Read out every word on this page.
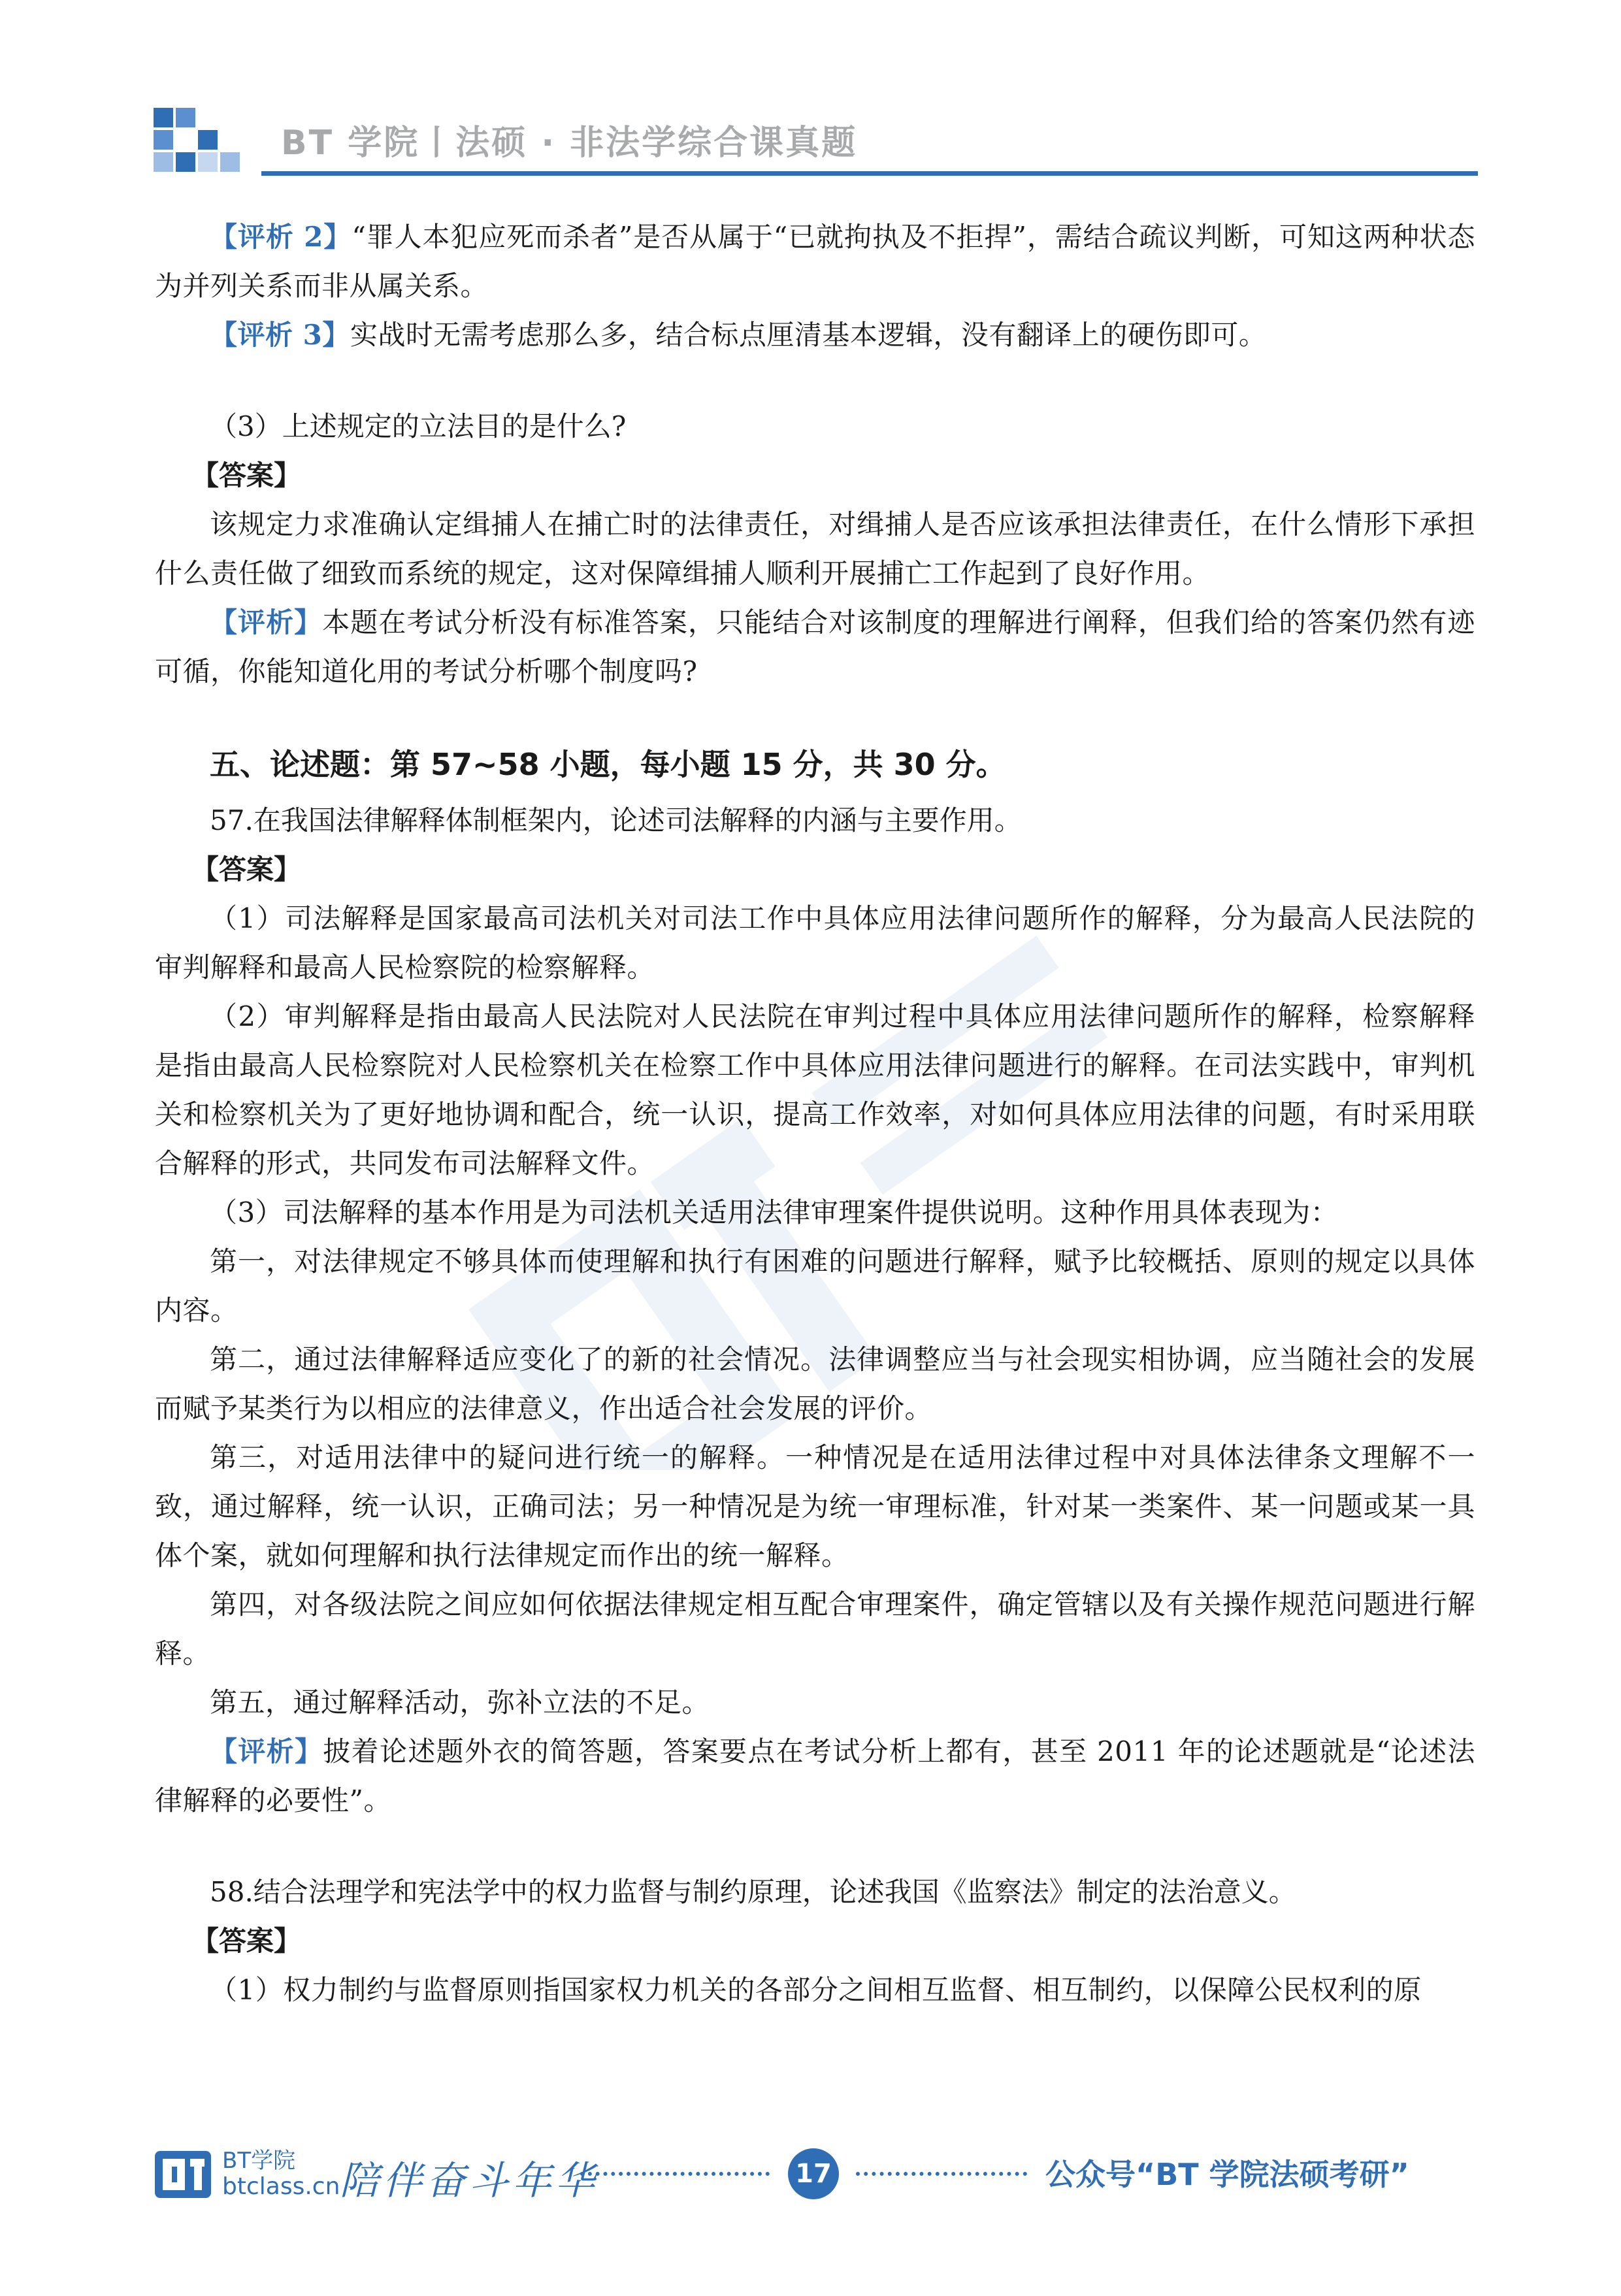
BT 学院丨法硕 · 非法学综合课真题

【评析 2】“罪人本犯应死而杀者”是否从属于“已就拘执及不拒捍”，需结合疏议判断，可知这两种状态为并列关系而非从属关系。

【评析 3】实战时无需考虑那么多，结合标点厘清基本逻辑，没有翻译上的硬伤即可。

（3）上述规定的立法目的是什么?

【答案】

该规定力求准确认定缉捕人在捕亡时的法律责任，对缉捕人是否应该承担法律责任，在什么情形下承担什么责任做了细致而系统的规定，这对保障缉捕人顺利开展捕亡工作起到了良好作用。

【评析】本题在考试分析没有标准答案，只能结合对该制度的理解进行阐释，但我们给的答案仍然有迹可循，你能知道化用的考试分析哪个制度吗?

五、论述题：第 57~58 小题，每小题 15 分，共 30 分。

57.在我国法律解释体制框架内，论述司法解释的内涵与主要作用。

【答案】

（1）司法解释是国家最高司法机关对司法工作中具体应用法律问题所作的解释，分为最高人民法院的审判解释和最高人民检察院的检察解释。

（2）审判解释是指由最高人民法院对人民法院在审判过程中具体应用法律问题所作的解释，检察解释是指由最高人民检察院对人民检察机关在检察工作中具体应用法律问题进行的解释。在司法实践中，审判机关和检察机关为了更好地协调和配合，统一认识，提高工作效率，对如何具体应用法律的问题，有时采用联合解释的形式，共同发布司法解释文件。

（3）司法解释的基本作用是为司法机关适用法律审理案件提供说明。这种作用具体表现为：

第一，对法律规定不够具体而使理解和执行有困难的问题进行解释，赋予比较概括、原则的规定以具体内容。

第二，通过法律解释适应变化了的新的社会情况。法律调整应当与社会现实相协调，应当随社会的发展而赋予某类行为以相应的法律意义，作出适合社会发展的评价。

第三，对适用法律中的疑问进行统一的解释。一种情况是在适用法律过程中对具体法律条文理解不一致，通过解释，统一认识，正确司法；另一种情况是为统一审理标准，针对某一类案件、某一问题或某一具体个案，就如何理解和执行法律规定而作出的统一解释。

第四，对各级法院之间应如何依据法律规定相互配合审理案件，确定管辖以及有关操作规范问题进行解释。

第五，通过解释活动，弥补立法的不足。

【评析】披着论述题外衣的简答题，答案要点在考试分析上都有，甚至 2011 年的论述题就是“论述法律解释的必要性”。

58.结合法理学和宪法学中的权力监督与制约原理，论述我国《监察法》制定的法治意义。

【答案】

（1）权力制约与监督原则指国家权力机关的各部分之间相互监督、相互制约，以保障公民权利的原

BT学院
btclass.cn 陪伴奋斗年华	17	公众号“BT 学院法硕考研”
